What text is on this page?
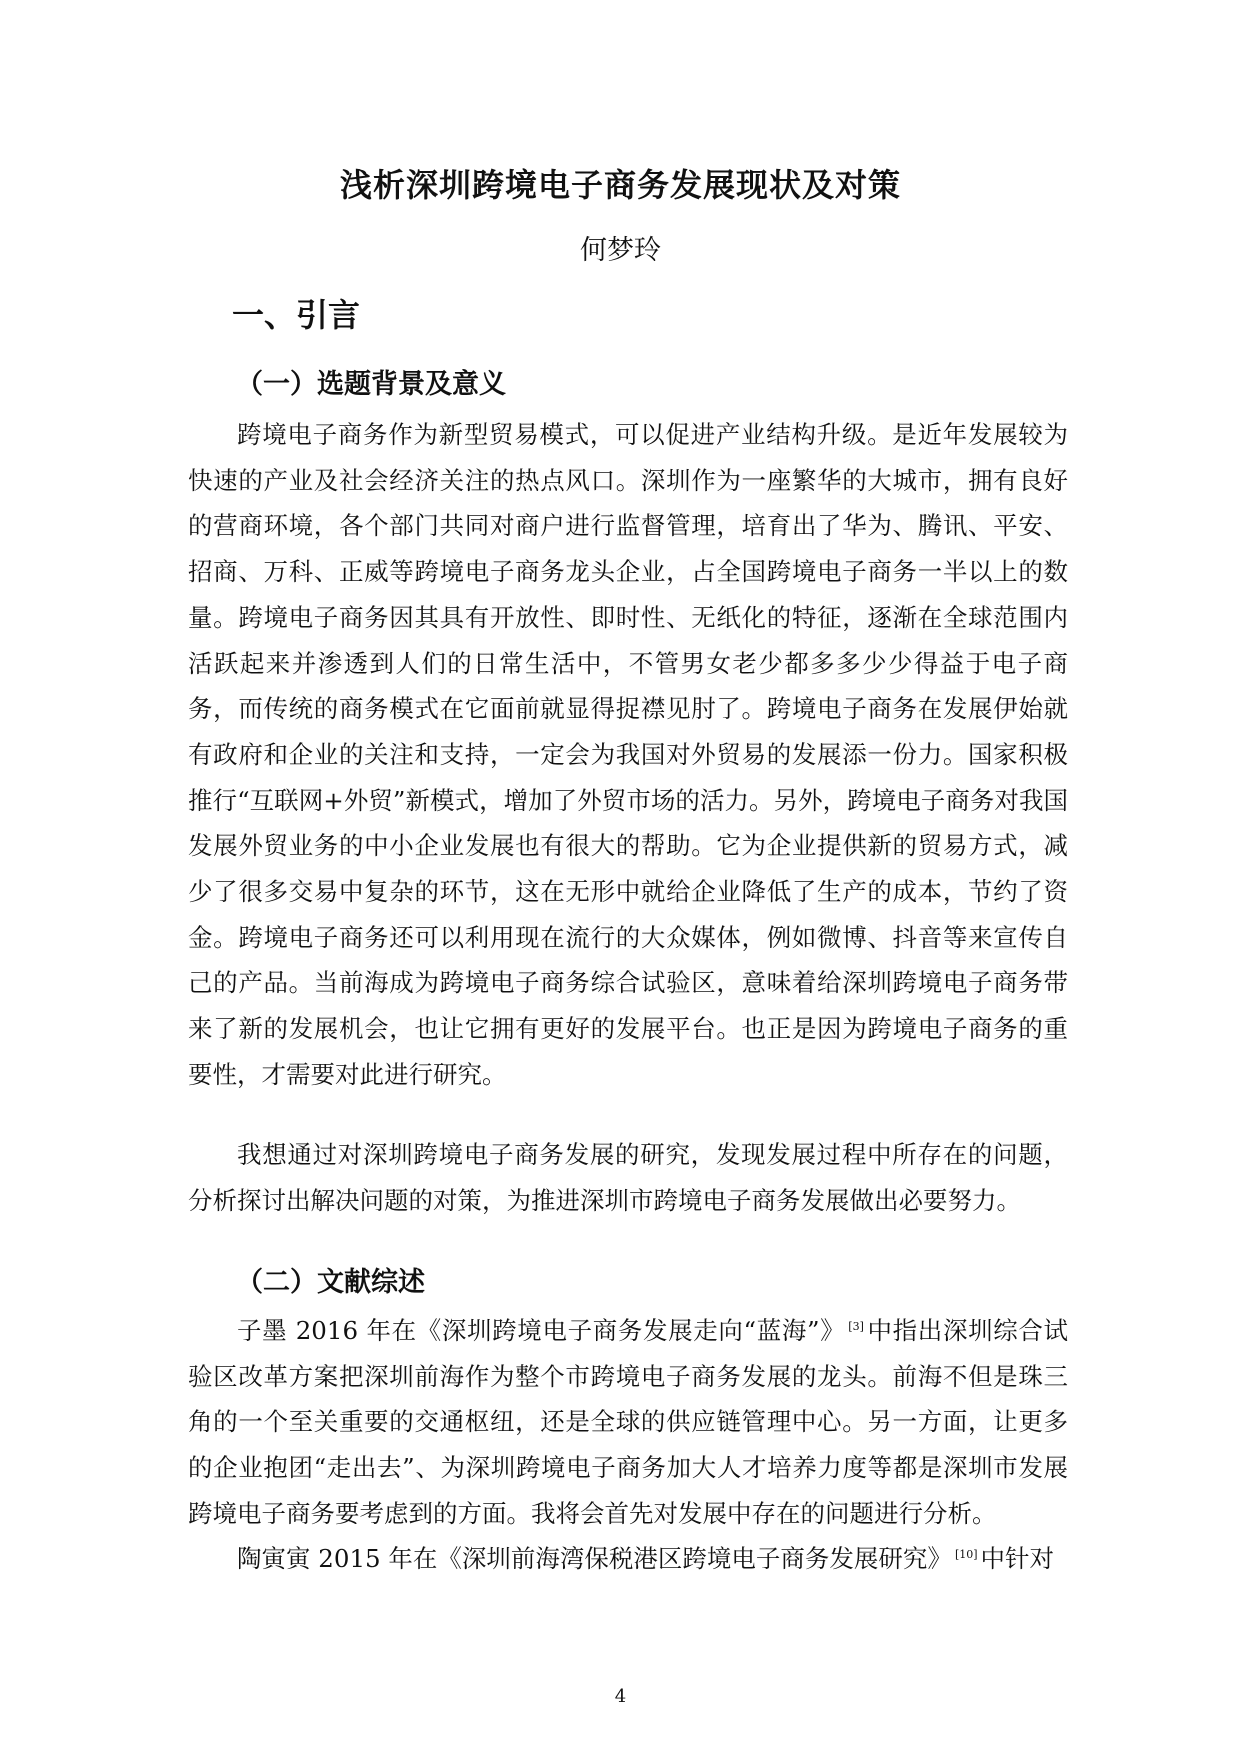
浅析深圳跨境电子商务发展现状及对策
何梦玲
一、引言
（一）选题背景及意义

跨境电子商务作为新型贸易模式，可以促进产业结构升级。是近年发展较为快速的产业及社会经济关注的热点风口。深圳作为一座繁华的大城市，拥有良好的营商环境，各个部门共同对商户进行监督管理，培育出了华为、腾讯、平安、招商、万科、正威等跨境电子商务龙头企业，占全国跨境电子商务一半以上的数量。跨境电子商务因其具有开放性、即时性、无纸化的特征，逐渐在全球范围内活跃起来并渗透到人们的日常生活中，不管男女老少都多多少少得益于电子商务，而传统的商务模式在它面前就显得捉襟见肘了。跨境电子商务在发展伊始就有政府和企业的关注和支持，一定会为我国对外贸易的发展添一份力。国家积极推行“互联网+外贸”新模式，增加了外贸市场的活力。另外，跨境电子商务对我国发展外贸业务的中小企业发展也有很大的帮助。它为企业提供新的贸易方式，减少了很多交易中复杂的环节，这在无形中就给企业降低了生产的成本，节约了资金。跨境电子商务还可以利用现在流行的大众媒体，例如微博、抖音等来宣传自己的产品。当前海成为跨境电子商务综合试验区，意味着给深圳跨境电子商务带来了新的发展机会，也让它拥有更好的发展平台。也正是因为跨境电子商务的重要性，才需要对此进行研究。

我想通过对深圳跨境电子商务发展的研究，发现发展过程中所存在的问题，分析探讨出解决问题的对策，为推进深圳市跨境电子商务发展做出必要努力。

（二）文献综述

子墨 2016 年在《深圳跨境电子商务发展走向“蓝海”》 [3] 中指出深圳综合试验区改革方案把深圳前海作为整个市跨境电子商务发展的龙头。前海不但是珠三角的一个至关重要的交通枢纽，还是全球的供应链管理中心。另一方面，让更多的企业抱团“走出去”、为深圳跨境电子商务加大人才培养力度等都是深圳市发展跨境电子商务要考虑到的方面。我将会首先对发展中存在的问题进行分析。

陶寅寅 2015 年在《深圳前海湾保税港区跨境电子商务发展研究》 [10] 中针对

4
